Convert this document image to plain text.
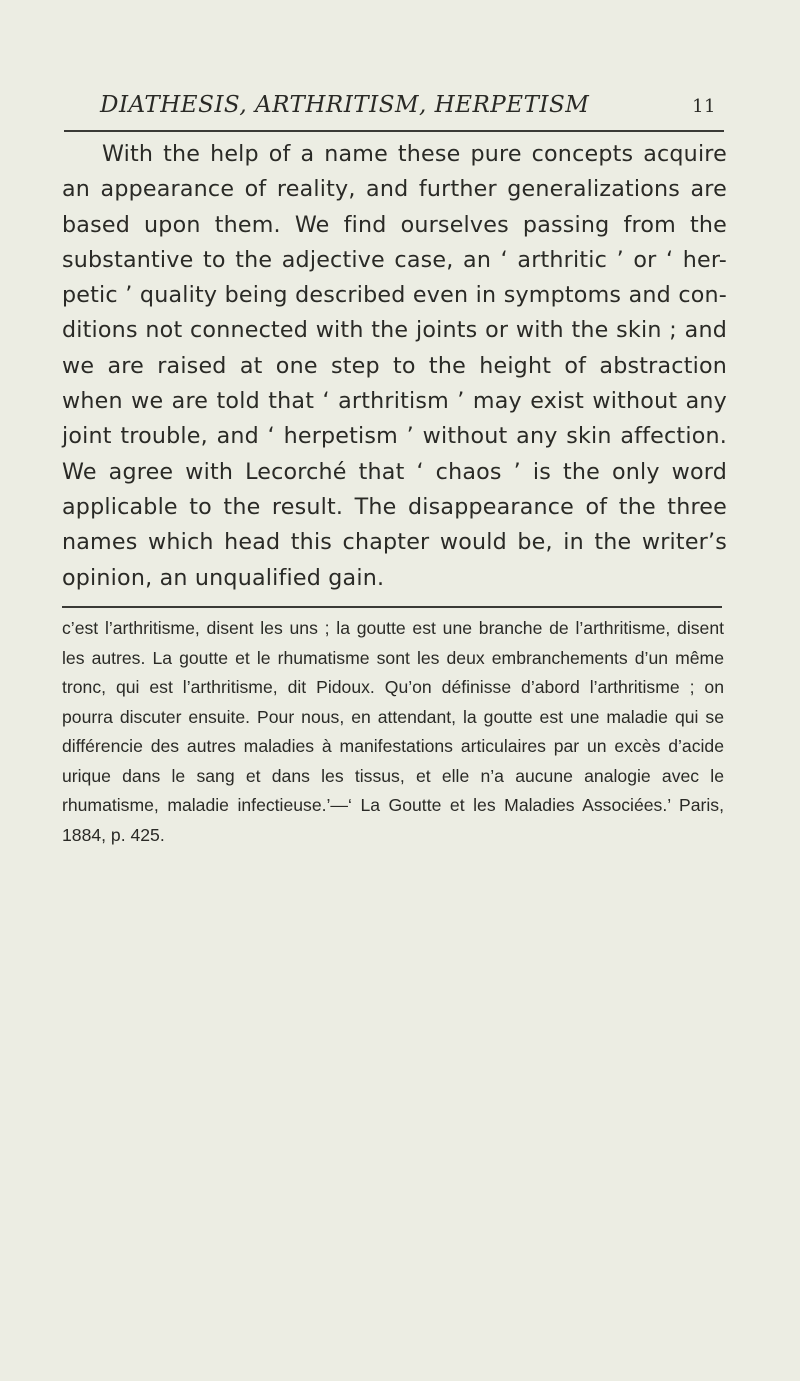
DIATHESIS, ARTHRITISM, HERPETISM	11

With the help of a name these pure concepts acquire an appearance of reality, and further generalizations are based upon them. We find ourselves passing from the substantive to the adjective case, an ‘ arthritic ’ or ‘ her-petic ’ quality being described even in symptoms and con-ditions not connected with the joints or with the skin ; and we are raised at one step to the height of abstraction when we are told that ‘ arthritism ’ may exist without any joint trouble, and ‘ herpetism ’ without any skin affection. We agree with Lecorché that ‘ chaos ’ is the only word applicable to the result. The disappearance of the three names which head this chapter would be, in the writer’s opinion, an unqualified gain.

c’est l’arthritisme, disent les uns ; la goutte est une branche de l’arthritisme, disent les autres. La goutte et le rhumatisme sont les deux embranchements d’un même tronc, qui est l’arthritisme, dit Pidoux. Qu’on définisse d’abord l’arthritisme ; on pourra discuter ensuite. Pour nous, en attendant, la goutte est une maladie qui se différencie des autres maladies à manifestations articulaires par un excès d’acide urique dans le sang et dans les tissus, et elle n’a aucune analogie avec le rhumatisme, maladie infectieuse.’—‘ La Goutte et les Maladies Associées.’ Paris, 1884, p. 425.
